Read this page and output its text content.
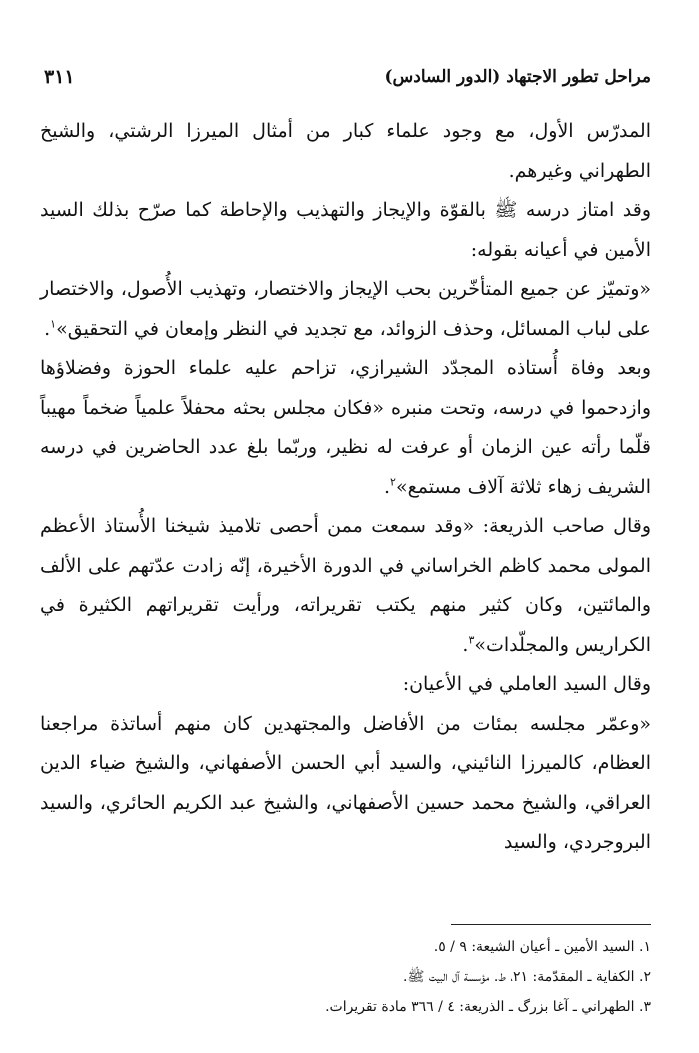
مراحل تطور الاجتهاد (الدور السادس)
٣١١

المدرّس الأول، مع وجود علماء كبار من أمثال الميرزا الرشتي، والشيخ الطهراني وغيرهم.

وقد امتاز درسه ﷺ بالقوّة والإيجاز والتهذيب والإحاطة كما صرّح بذلك السيد الأمين في أعيانه بقوله:

«وتميّز عن جميع المتأخّرين بحب الإيجاز والاختصار، وتهذيب الأُصول، والاختصار على لباب المسائل، وحذف الزوائد، مع تجديد في النظر وإمعان في التحقيق»$^١$.

وبعد وفاة أُستاذه المجدّد الشيرازي، تزاحم عليه علماء الحوزة وفضلاؤها وازدحموا في درسه، وتحت منبره «فكان مجلس بحثه محفلاً علمياً ضخماً مهيباً قلّما رأته عين الزمان أو عرفت له نظير، وربّما بلغ عدد الحاضرين في درسه الشريف زهاء ثلاثة آلاف مستمع»$^٢$.

وقال صاحب الذريعة: «وقد سمعت ممن أحصى تلاميذ شيخنا الأُستاذ الأعظم المولى محمد كاظم الخراساني في الدورة الأخيرة، إنّه زادت عدّتهم على الألف والمائتين، وكان كثير منهم يكتب تقريراته، ورأيت تقريراتهم الكثيرة في الكراريس والمجلّدات»$^٣$.

وقال السيد العاملي في الأعيان:

«وعمّر مجلسه بمئات من الأفاضل والمجتهدين كان منهم أساتذة مراجعنا العظام، كالميرزا النائيني، والسيد أبي الحسن الأصفهاني، والشيخ ضياء الدين العراقي، والشيخ محمد حسين الأصفهاني، والشيخ عبد الكريم الحائري، والسيد البروجردي، والسيد

١. السيد الأمين ـ أعيان الشيعة: ٩ / ٥.

٢. الكفاية ـ المقدّمة: ٢١، ط. مؤسسة آل البيت ﷺ.

٣. الطهراني ـ آغا بزرگ ـ الذريعة: ٤ / ٣٦٦ مادة تقريرات.
